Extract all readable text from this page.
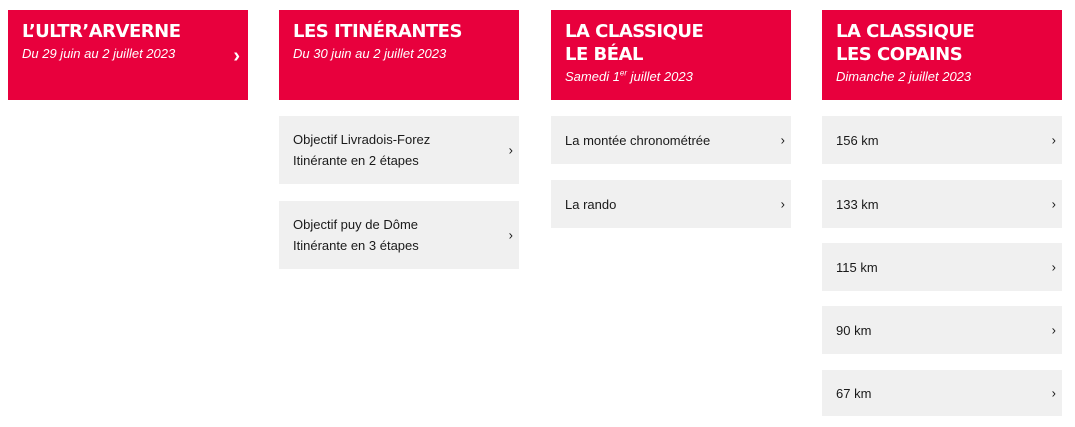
L’ULTR’ARVERNE
Du 29 juin au 2 juillet 2023	›
LES ITINÉRANTES
Du 30 juin au 2 juillet 2023
Objectif Livradois-Forez
Itinérante en 2 étapes
›
Objectif puy de Dôme
Itinérante en 3 étapes
›
LA CLASSIQUE
LE BÉAL
Samedi 1er juillet 2023
La montée chronométrée	›
La rando	›
LA CLASSIQUE
LES COPAINS
Dimanche 2 juillet 2023
156 km	›
133 km	›
115 km	›
90 km	›
67 km	›
